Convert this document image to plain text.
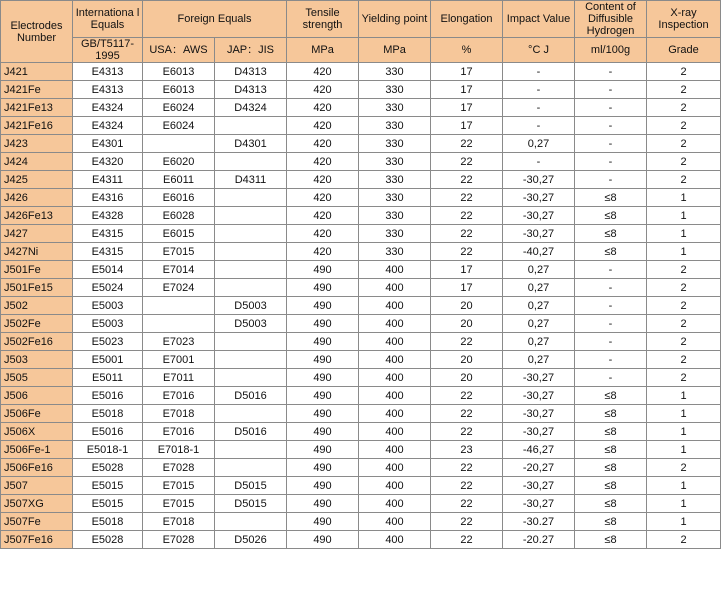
Electrodes Number	Internationa l Equals	Foreign Equals		Tensile strength	Yielding point	Elongation	Impact Value	Content of Diffusible Hydrogen	X-ray Inspection
	GB/T5117-1995	USA：AWS	JAP：JIS	MPa	MPa	%	°C J	ml/100g	Grade
J421	E4313	E6013	D4313	420	330	17	-	-	2
J421Fe	E4313	E6013	D4313	420	330	17	-	-	2
J421Fe13	E4324	E6024	D4324	420	330	17	-	-	2
J421Fe16	E4324	E6024		420	330	17	-	-	2
J423	E4301		D4301	420	330	22	0,27	-	2
J424	E4320	E6020		420	330	22	-	-	2
J425	E4311	E6011	D4311	420	330	22	-30,27	-	2
J426	E4316	E6016		420	330	22	-30,27	≤8	1
J426Fe13	E4328	E6028		420	330	22	-30,27	≤8	1
J427	E4315	E6015		420	330	22	-30,27	≤8	1
J427Ni	E4315	E7015		420	330	22	-40,27	≤8	1
J501Fe	E5014	E7014		490	400	17	0,27	-	2
J501Fe15	E5024	E7024		490	400	17	0,27	-	2
J502	E5003		D5003	490	400	20	0,27	-	2
J502Fe	E5003		D5003	490	400	20	0,27	-	2
J502Fe16	E5023	E7023		490	400	22	0,27	-	2
J503	E5001	E7001		490	400	20	0,27	-	2
J505	E5011	E7011		490	400	20	-30,27	-	2
J506	E5016	E7016	D5016	490	400	22	-30,27	≤8	1
J506Fe	E5018	E7018		490	400	22	-30,27	≤8	1
J506X	E5016	E7016	D5016	490	400	22	-30,27	≤8	1
J506Fe-1	E5018-1	E7018-1		490	400	23	-46,27	≤8	1
J506Fe16	E5028	E7028		490	400	22	-20,27	≤8	2
J507	E5015	E7015	D5015	490	400	22	-30,27	≤8	1
J507XG	E5015	E7015	D5015	490	400	22	-30,27	≤8	1
J507Fe	E5018	E7018		490	400	22	-30.27	≤8	1
J507Fe16	E5028	E7028	D5026	490	400	22	-20.27	≤8	2
